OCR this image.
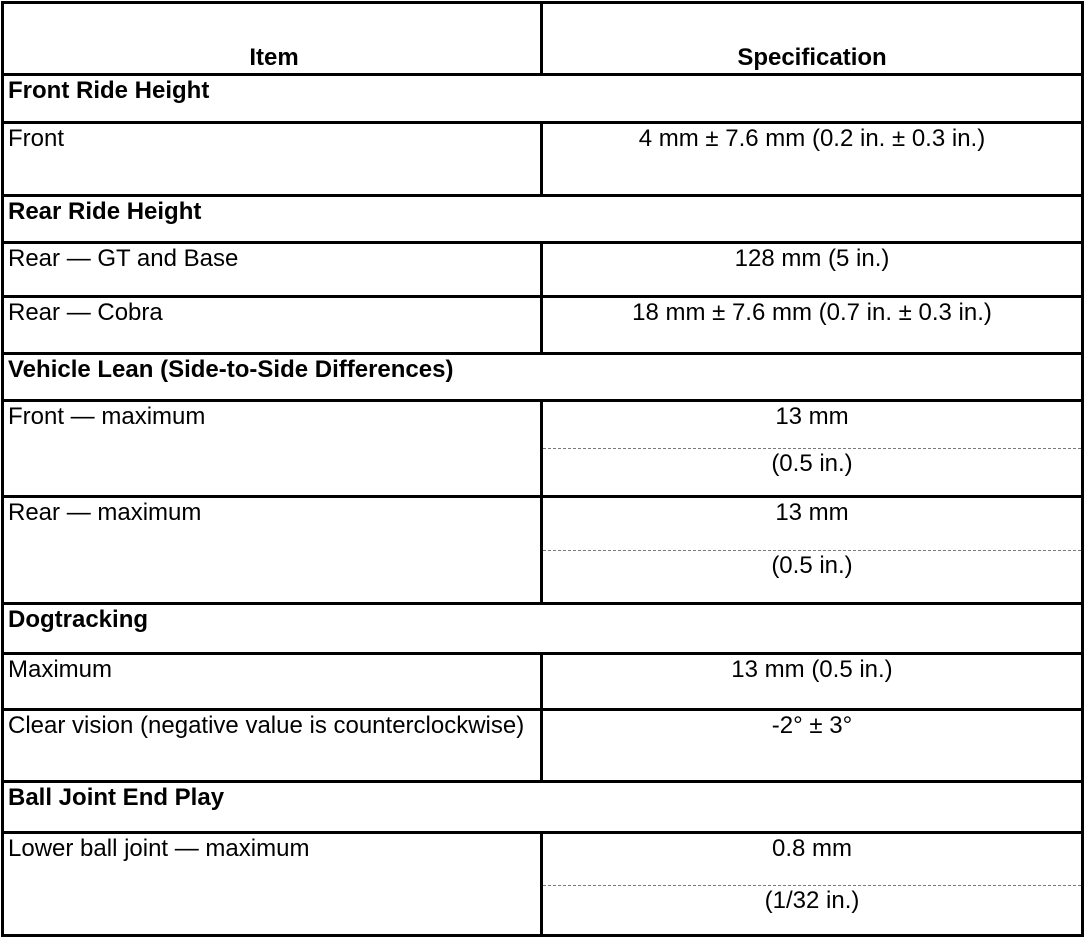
Item	Specification
Front Ride Height	
Front	4 mm ± 7.6 mm (0.2 in. ± 0.3 in.)
Rear Ride Height	
Rear — GT and Base	128 mm (5 in.)
Rear — Cobra	18 mm ± 7.6 mm (0.7 in. ± 0.3 in.)
Vehicle Lean (Side-to-Side Differences)	
Front — maximum	13 mm
	(0.5 in.)
Rear — maximum	13 mm
	(0.5 in.)
Dogtracking	
Maximum	13 mm (0.5 in.)
Clear vision (negative value is counterclockwise)	-2° ± 3°
Ball Joint End Play	
Lower ball joint — maximum	0.8 mm
	(1/32 in.)
